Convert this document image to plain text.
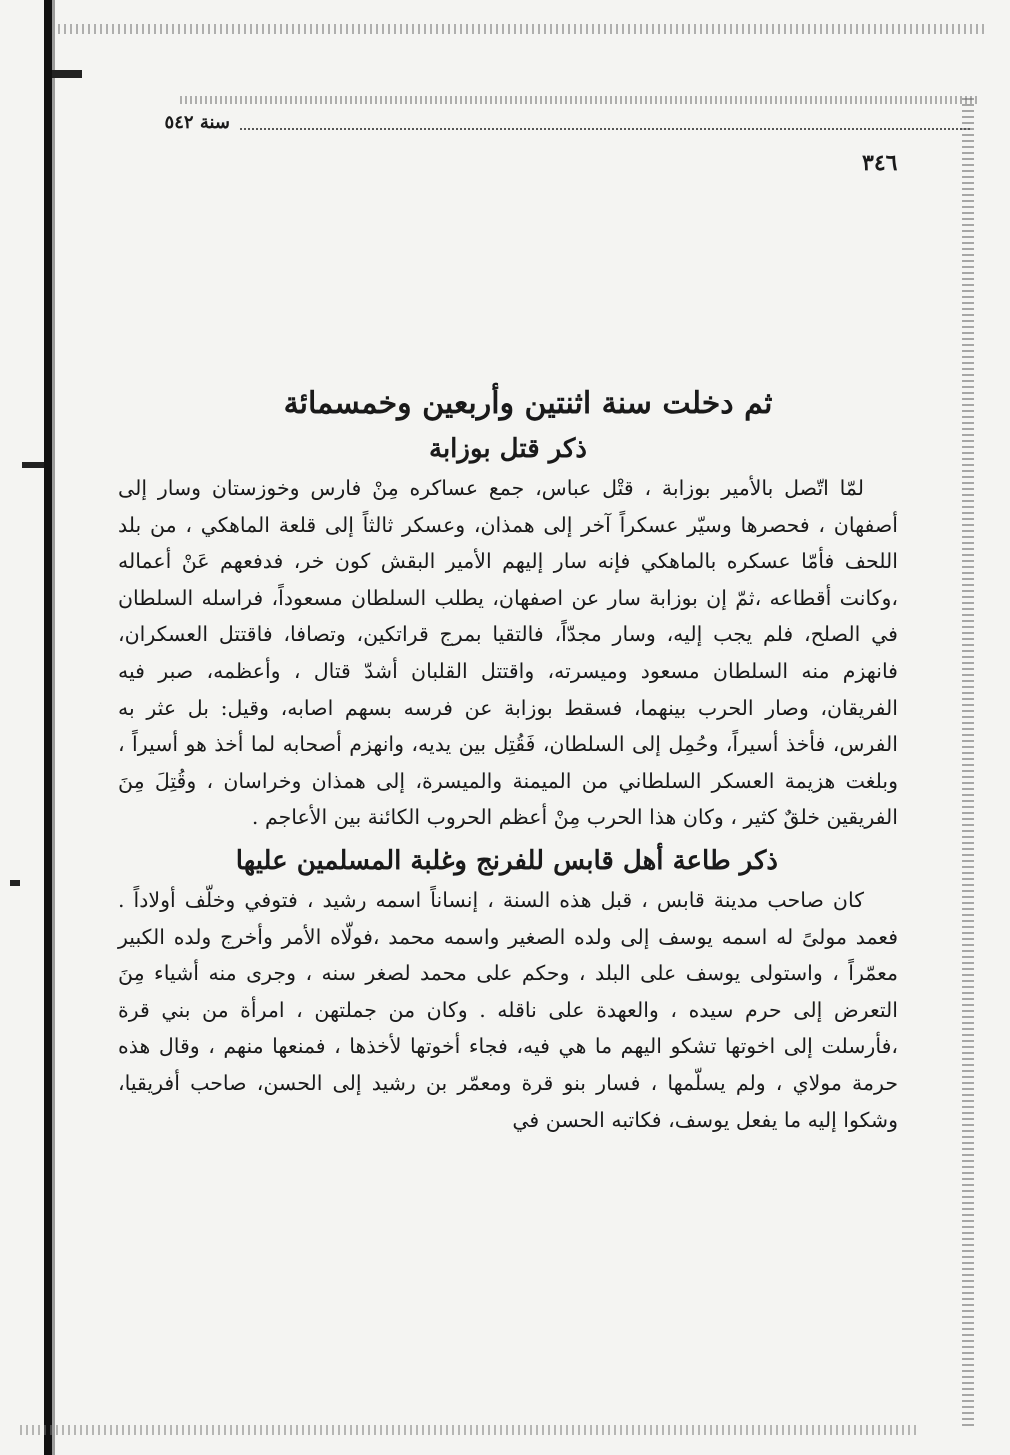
سنة ٥٤٢
٣٤٦
ثم دخلت سنة اثنتين وأربعين وخمسمائة
ذكر قتل بوزابة

لمّا اتّصل بالأمير بوزابة ، قتْل عباس، جمع عساكره مِنْ فارس وخوزستان وسار إلى أصفهان ، فحصرها وسيّر عسكراً آخر إلى همذان، وعسكر ثالثاً إلى قلعة الماهكي ، من بلد اللحف فأمّا عسكره بالماهكي فإنه سار إليهم الأمير البقش كون خر، فدفعهم عَنْ أعماله ،وكانت أقطاعه ،ثمّ إن بوزابة سار عن اصفهان، يطلب السلطان مسعوداً، فراسله السلطان في الصلح، فلم يجب إليه، وسار مجدّاً، فالتقيا بمرج قراتكين، وتصافا، فاقتتل العسكران، فانهزم منه السلطان مسعود وميسرته، واقتتل القلبان أشدّ قتال ، وأعظمه، صبر فيه الفريقان، وصار الحرب بينهما، فسقط بوزابة عن فرسه بسهم اصابه، وقيل: بل عثر به الفرس، فأخذ أسيراً، وحُمِل إلى السلطان، فَقُتِل بين يديه، وانهزم أصحابه لما أخذ هو أسيراً ، وبلغت هزيمة العسكر السلطاني من الميمنة والميسرة، إلى همذان وخراسان ، وقُتِلَ مِنَ الفريقين خلقٌ كثير ، وكان هذا الحرب مِنْ أعظم الحروب الكائنة بين الأعاجم .

ذكر طاعة أهل قابس للفرنج وغلبة المسلمين عليها

كان صاحب مدينة قابس ، قبل هذه السنة ، إنساناً اسمه رشيد ، فتوفي وخلّف أولاداً . فعمد مولىً له اسمه يوسف إلى ولده الصغير واسمه محمد ،فولّاه الأمر وأخرج ولده الكبير معمّراً ، واستولى يوسف على البلد ، وحكم على محمد لصغر سنه ، وجرى منه أشياء مِنَ التعرض إلى حرم سيده ، والعهدة على ناقله . وكان من جملتهن ، امرأة من بني قرة ،فأرسلت إلى اخوتها تشكو اليهم ما هي فيه، فجاء أخوتها لأخذها ، فمنعها منهم ، وقال هذه حرمة مولاي ، ولم يسلّمها ، فسار بنو قرة ومعمّر بن رشيد إلى الحسن، صاحب أفريقيا، وشكوا إليه ما يفعل يوسف، فكاتبه الحسن في
